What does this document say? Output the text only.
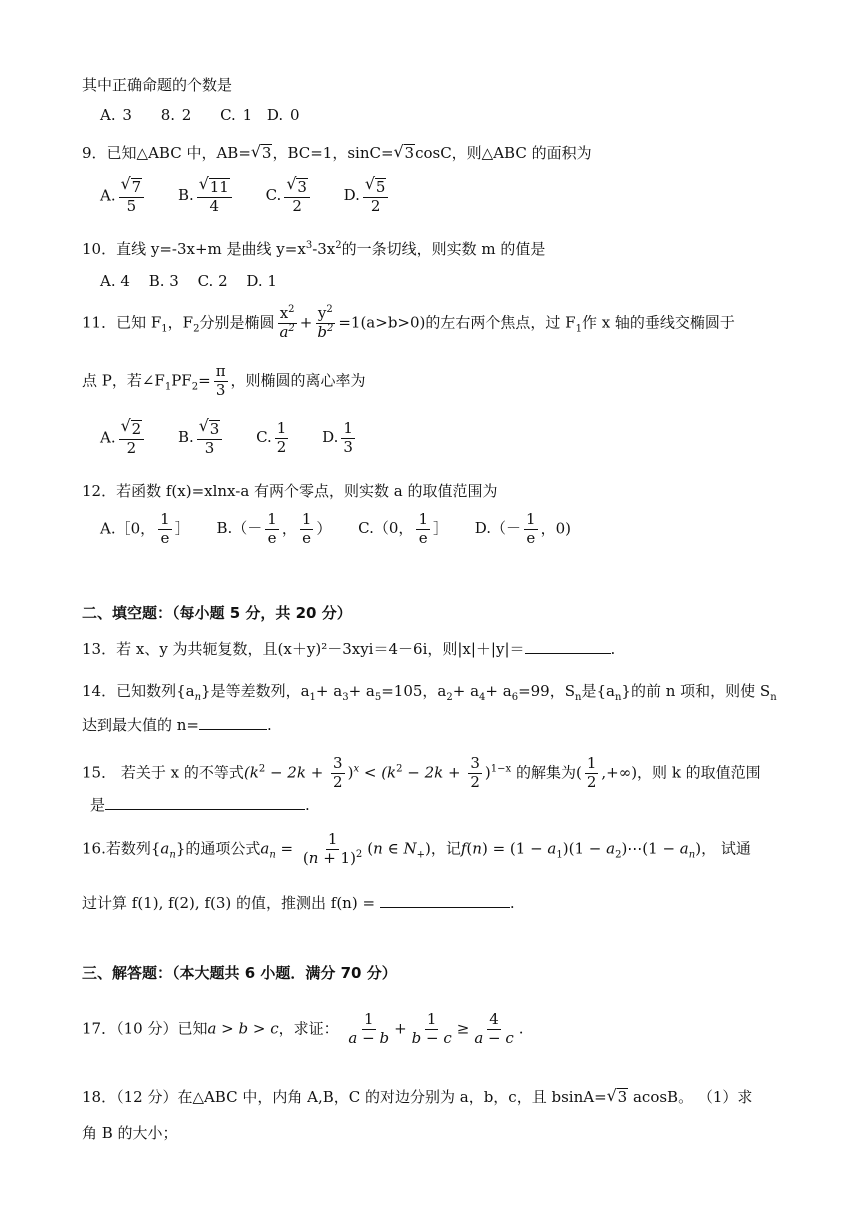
其中正确命题的个数是
A. 3 8. 2 C. 1 D. 0
9．已知△ABC 中，AB= √ 3，BC=1，sinC= √ 3cosC，则△ABC 的面积为
A. √ $\frac{7}{5} B$. √ $\frac{11}{4} C$. √ $\frac{3}{2} D$. √ $\frac{5}{2}$
10．直线 y=-3x+m 是曲线 $y=x^3-3x^2$的一条切线，则实数 m 的值是
A. 4 B. 3 C. 2 D. 1
11．已知 $F_1$，$F_2$分别是椭圆 $\frac{x^2}{a^2} + \frac{y^2}{b^2} =1(a>b>0)$的左右两个焦点，过 $F_1$作 x 轴的垂线交椭圆于
点 P，若$\angle F_1PF_2= \frac{\pi}{3}$ ，则椭圆的离心率为
A. √ $\frac{2}{2} B$. √ $\frac{3}{3} C$. $\frac{1}{2} D$. $\frac{1}{3}$
12．若函数 f(x)=xlnx-a 有两个零点，则实数 a 的取值范围为
A.［0， $\frac{1}{e}$ ］ $B.(- \frac{1}{e}$ ， $\frac{1}{e}$ ） C.（0， $\frac{1}{e}$ ］ $D.(- \frac{1}{e}$ ，0)
二、填空题：（每小题 5 分，共 20 分）
13．若 x、y 为共轭复数，且(x＋y)²－3xyi＝4－6i，则|x|＋|y|＝	.
14．已知数列$\{a_n\}$是等差数列，$a_1+ a_3+ a_5=105$，$a_2+ a_4+ a_6=99$，$S_n$是$\{a_n\}$的前 n 项和，则使 $S_n$
达到最大值的 n=	.
15． 若关于 x 的不等式$(k^2 - 2k + \frac{3}{2} )^x < (k^2 - 2k + \frac{3}{2} )^{1-x}$ 的解集为( $\frac{1}{2}$ ,+∞)，则 k 的取值范围
是	.
16.若数列$\{a_n\}$的通项公式$a_n = \frac{1}{(n + 1)^2} (n$ ∈ $N_+$)，记$f(n) = (1 - a_1)(1$ − $a_2)\cdots(1 - a_n)$， 试通
过计算 f(1), f(2), f(3) 的值，推测出 f(n) =	.
三、解答题：（本大题共 6 小题．满分 70 分）
17．（10 分）已知a > b > c，求证： $\frac{1}{a - b} + \frac{1}{b - c} \ge \frac{4}{a - c}$ .
18．（12 分）在△ABC 中，内角 A,B，C 的对边分别为 a，b，c，且 bsinA= √ 3 acosB。 （1）求
角 B 的大小；
